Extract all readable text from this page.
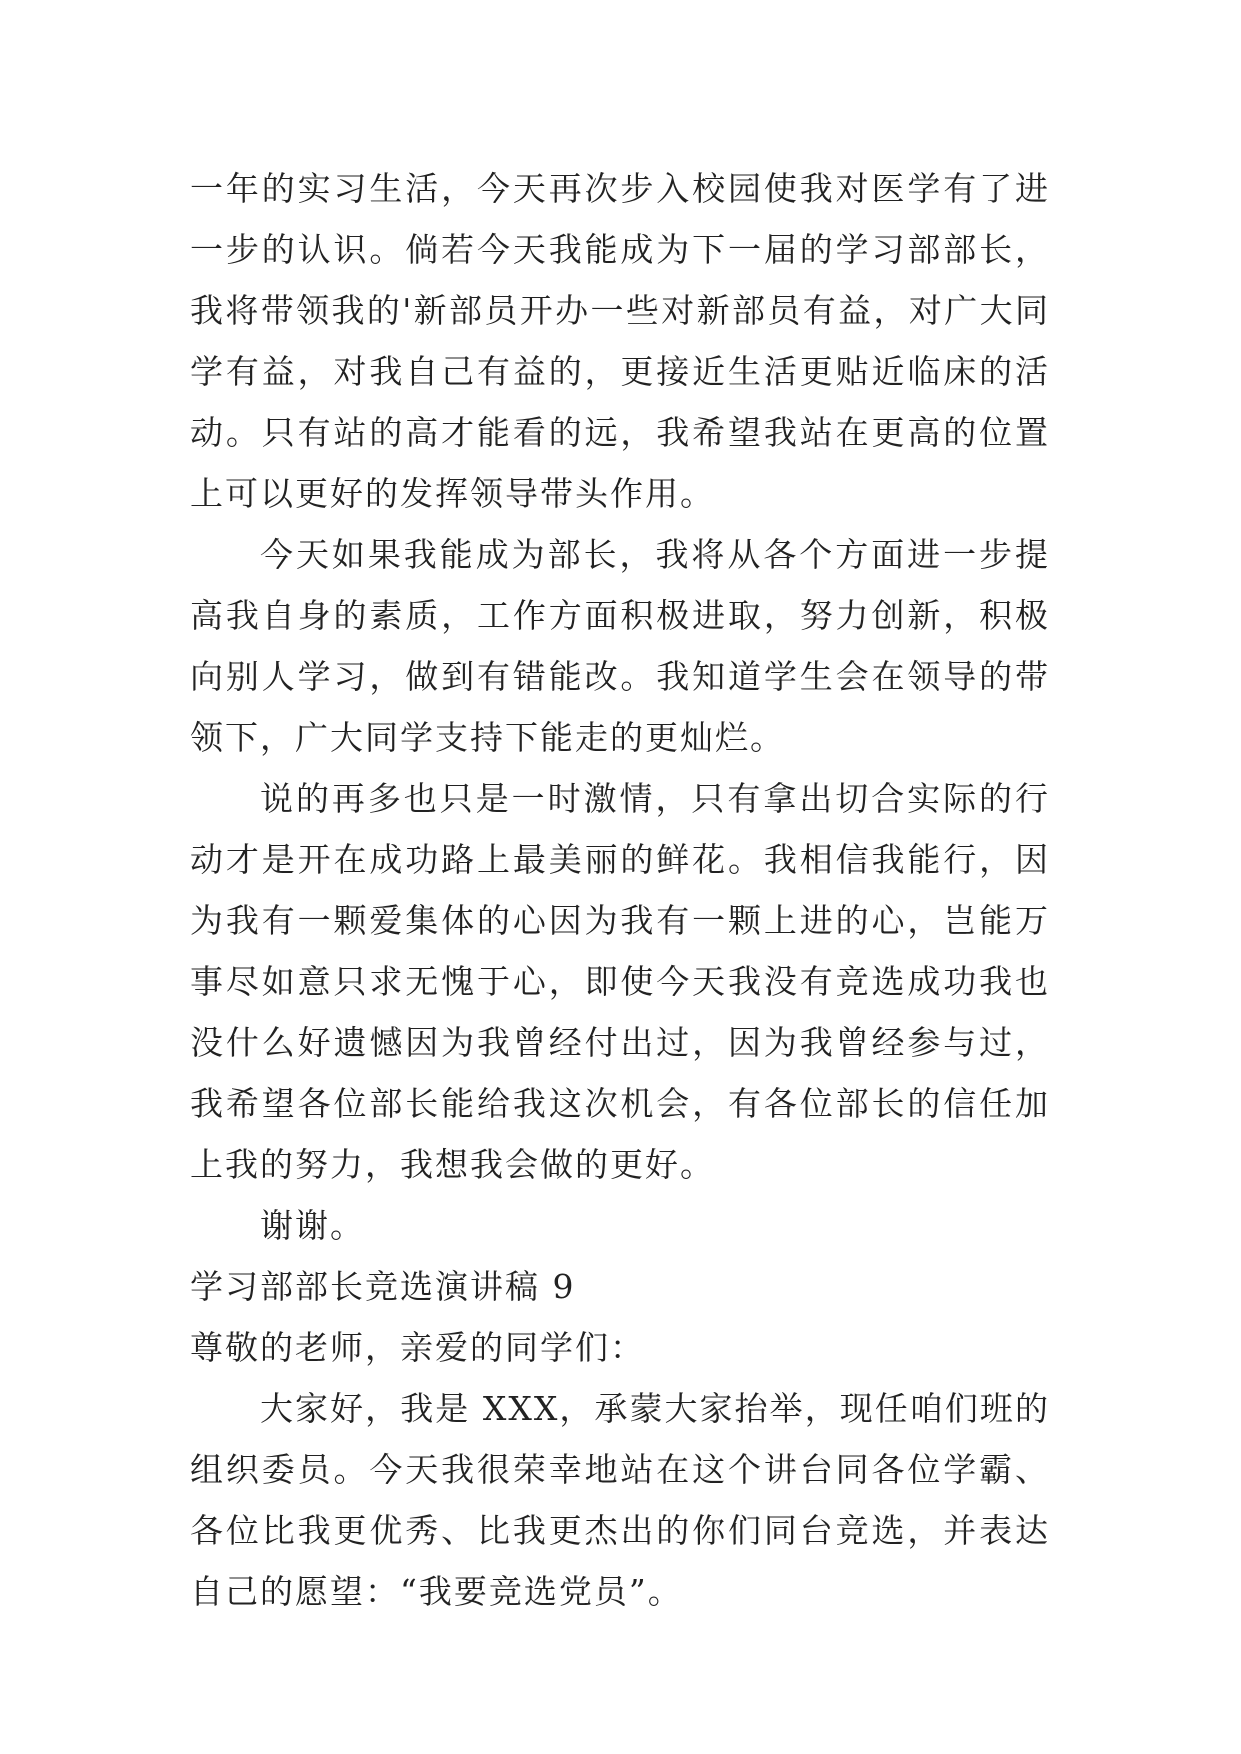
一年的实习生活，今天再次步入校园使我对医学有了进一步的认识。倘若今天我能成为下一届的学习部部长，我将带领我的'新部员开办一些对新部员有益，对广大同学有益，对我自己有益的，更接近生活更贴近临床的活动。只有站的高才能看的远，我希望我站在更高的位置上可以更好的发挥领导带头作用。

今天如果我能成为部长，我将从各个方面进一步提高我自身的素质，工作方面积极进取，努力创新，积极向别人学习，做到有错能改。我知道学生会在领导的带领下，广大同学支持下能走的更灿烂。

说的再多也只是一时激情，只有拿出切合实际的行动才是开在成功路上最美丽的鲜花。我相信我能行，因为我有一颗爱集体的心因为我有一颗上进的心，岂能万事尽如意只求无愧于心，即使今天我没有竞选成功我也没什么好遗憾因为我曾经付出过，因为我曾经参与过，我希望各位部长能给我这次机会，有各位部长的信任加上我的努力，我想我会做的更好。

谢谢。

学习部部长竞选演讲稿 9

尊敬的老师，亲爱的同学们：

大家好，我是 XXX，承蒙大家抬举，现任咱们班的组织委员。今天我很荣幸地站在这个讲台同各位学霸、各位比我更优秀、比我更杰出的你们同台竞选，并表达自己的愿望：“我要竞选党员”。
